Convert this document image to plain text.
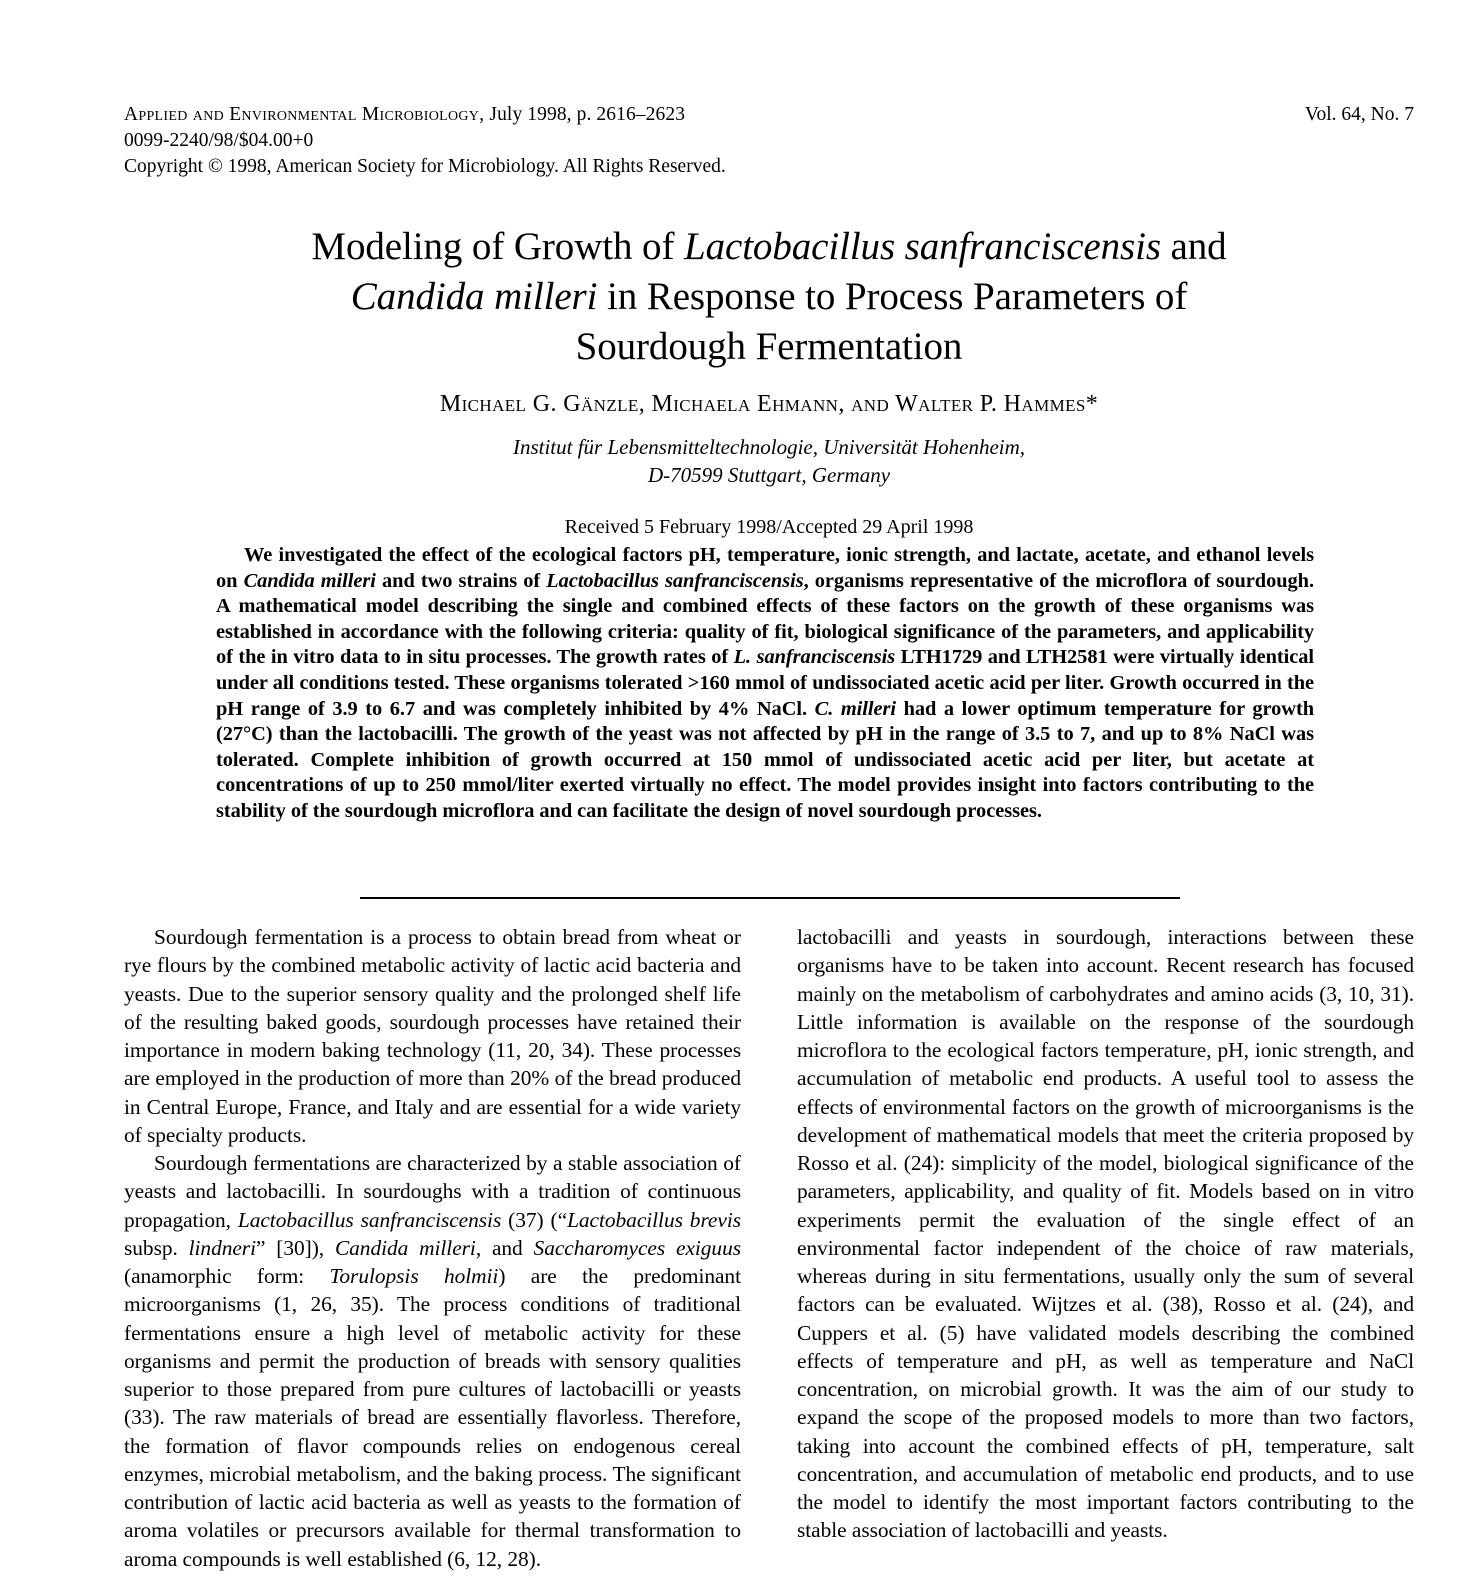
Applied and Environmental Microbiology, July 1998, p. 2616–2623	Vol. 64, No. 7
0099-2240/98/$04.00+0
Copyright © 1998, American Society for Microbiology. All Rights Reserved.
Modeling of Growth of Lactobacillus sanfranciscensis and
Candida milleri in Response to Process Parameters of
Sourdough Fermentation
Michael G. Gänzle, Michaela Ehmann, and Walter P. Hammes*
Institut für Lebensmitteltechnologie, Universität Hohenheim,
D-70599 Stuttgart, Germany
Received 5 February 1998/Accepted 29 April 1998
We investigated the effect of the ecological factors pH, temperature, ionic strength, and lactate, acetate, and ethanol levels on Candida milleri and two strains of Lactobacillus sanfranciscensis, organisms representative of the microflora of sourdough. A mathematical model describing the single and combined effects of these factors on the growth of these organisms was established in accordance with the following criteria: quality of fit, biological significance of the parameters, and applicability of the in vitro data to in situ processes. The growth rates of L. sanfranciscensis LTH1729 and LTH2581 were virtually identical under all conditions tested. These organisms tolerated >160 mmol of undissociated acetic acid per liter. Growth occurred in the pH range of 3.9 to 6.7 and was completely inhibited by 4% NaCl. C. milleri had a lower optimum temperature for growth (27°C) than the lactobacilli. The growth of the yeast was not affected by pH in the range of 3.5 to 7, and up to 8% NaCl was tolerated. Complete inhibition of growth occurred at 150 mmol of undissociated acetic acid per liter, but acetate at concentrations of up to 250 mmol/liter exerted virtually no effect. The model provides insight into factors contributing to the stability of the sourdough microflora and can facilitate the design of novel sourdough processes.

Sourdough fermentation is a process to obtain bread from wheat or rye flours by the combined metabolic activity of lactic acid bacteria and yeasts. Due to the superior sensory quality and the prolonged shelf life of the resulting baked goods, sourdough processes have retained their importance in modern baking technology (11, 20, 34). These processes are employed in the production of more than 20% of the bread produced in Central Europe, France, and Italy and are essential for a wide variety of specialty products.

Sourdough fermentations are characterized by a stable association of yeasts and lactobacilli. In sourdoughs with a tradition of continuous propagation, Lactobacillus sanfranciscensis (37) (“Lactobacillus brevis subsp. lindneri” [30]), Candida milleri, and Saccharomyces exiguus (anamorphic form: Torulopsis holmii) are the predominant microorganisms (1, 26, 35). The process conditions of traditional fermentations ensure a high level of metabolic activity for these organisms and permit the production of breads with sensory qualities superior to those prepared from pure cultures of lactobacilli or yeasts (33). The raw materials of bread are essentially flavorless. Therefore, the formation of flavor compounds relies on endogenous cereal enzymes, microbial metabolism, and the baking process. The significant contribution of lactic acid bacteria as well as yeasts to the formation of aroma volatiles or precursors available for thermal transformation to aroma compounds is well established (6, 12, 28).

lactobacilli and yeasts in sourdough, interactions between these organisms have to be taken into account. Recent research has focused mainly on the metabolism of carbohydrates and amino acids (3, 10, 31). Little information is available on the response of the sourdough microflora to the ecological factors temperature, pH, ionic strength, and accumulation of metabolic end products. A useful tool to assess the effects of environmental factors on the growth of microorganisms is the development of mathematical models that meet the criteria proposed by Rosso et al. (24): simplicity of the model, biological significance of the parameters, applicability, and quality of fit. Models based on in vitro experiments permit the evaluation of the single effect of an environmental factor independent of the choice of raw materials, whereas during in situ fermentations, usually only the sum of several factors can be evaluated. Wijtzes et al. (38), Rosso et al. (24), and Cuppers et al. (5) have validated models describing the combined effects of temperature and pH, as well as temperature and NaCl concentration, on microbial growth. It was the aim of our study to expand the scope of the proposed models to more than two factors, taking into account the combined effects of pH, temperature, salt concentration, and accumulation of metabolic end products, and to use the model to identify the most important factors contributing to the stable association of lactobacilli and yeasts.
